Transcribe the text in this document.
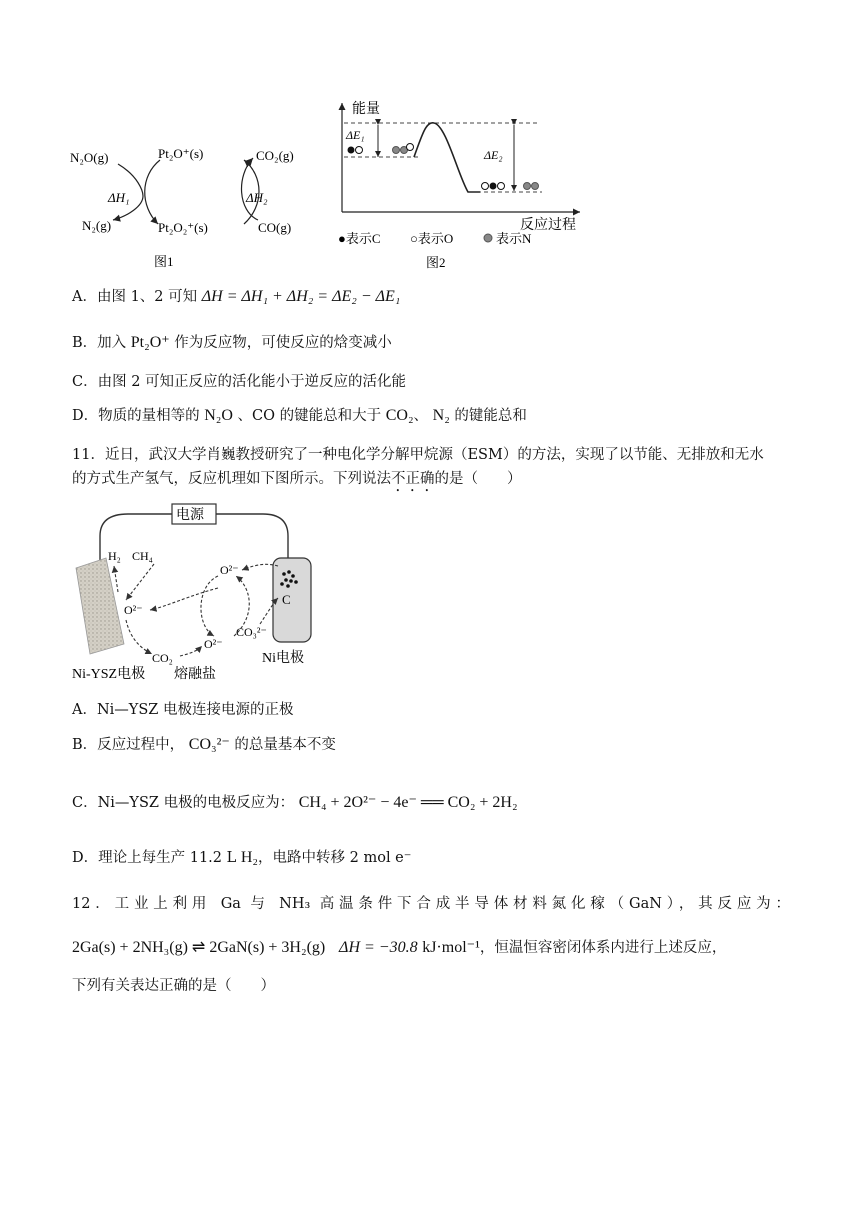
N₂O(g)
N₂(g)
Pt₂O⁺(s)
Pt₂O₂⁺(s)
CO₂(g)
CO(g)
ΔH₁	ΔH₂
图1
能量
反应过程
ΔE₁
ΔE₂
●表示C ○表示O	表示N
图2
A．由图 1、2 可知 ΔH = ΔH₁ + ΔH₂ = ΔE₂ − ΔE₁
B．加入 Pt₂O⁺ 作为反应物，可使反应的焓变减小
C．由图 2 可知正反应的活化能小于逆反应的活化能
D．物质的量相等的 N₂O 、CO 的键能总和大于 CO₂、 N₂ 的键能总和
11．近日，武汉大学肖巍教授研究了一种电化学分解甲烷源（ESM）的方法，实现了以节能、无排放和无水
的方式生产氢气，反应机理如下图所示。下列说法不正确的是（　　）
电源
C
H₂ CH₄
O²⁻
O²⁻
O²⁻
CO₂
CO₃²⁻
Ni-YSZ电极 熔融盐
Ni电极
A．Ni—YSZ 电极连接电源的正极
B．反应过程中， CO₃²⁻ 的总量基本不变
C．Ni—YSZ 电极的电极反应为： CH₄ + 2O²⁻ − 4e⁻ ══ CO₂ + 2H₂
D．理论上每生产 11.2 L H₂，电路中转移 2 mol e⁻
12．工业上利用 Ga 与 NH₃ 高温条件下合成半导体材料氮化稼（GaN），其反应为：
2Ga(s) + 2NH₃(g) ⇌ 2GaN(s) + 3H₂(g) ΔH = −30.8 kJ·mol⁻¹，恒温恒容密闭体系内进行上述反应，
下列有关表达正确的是（　　）
